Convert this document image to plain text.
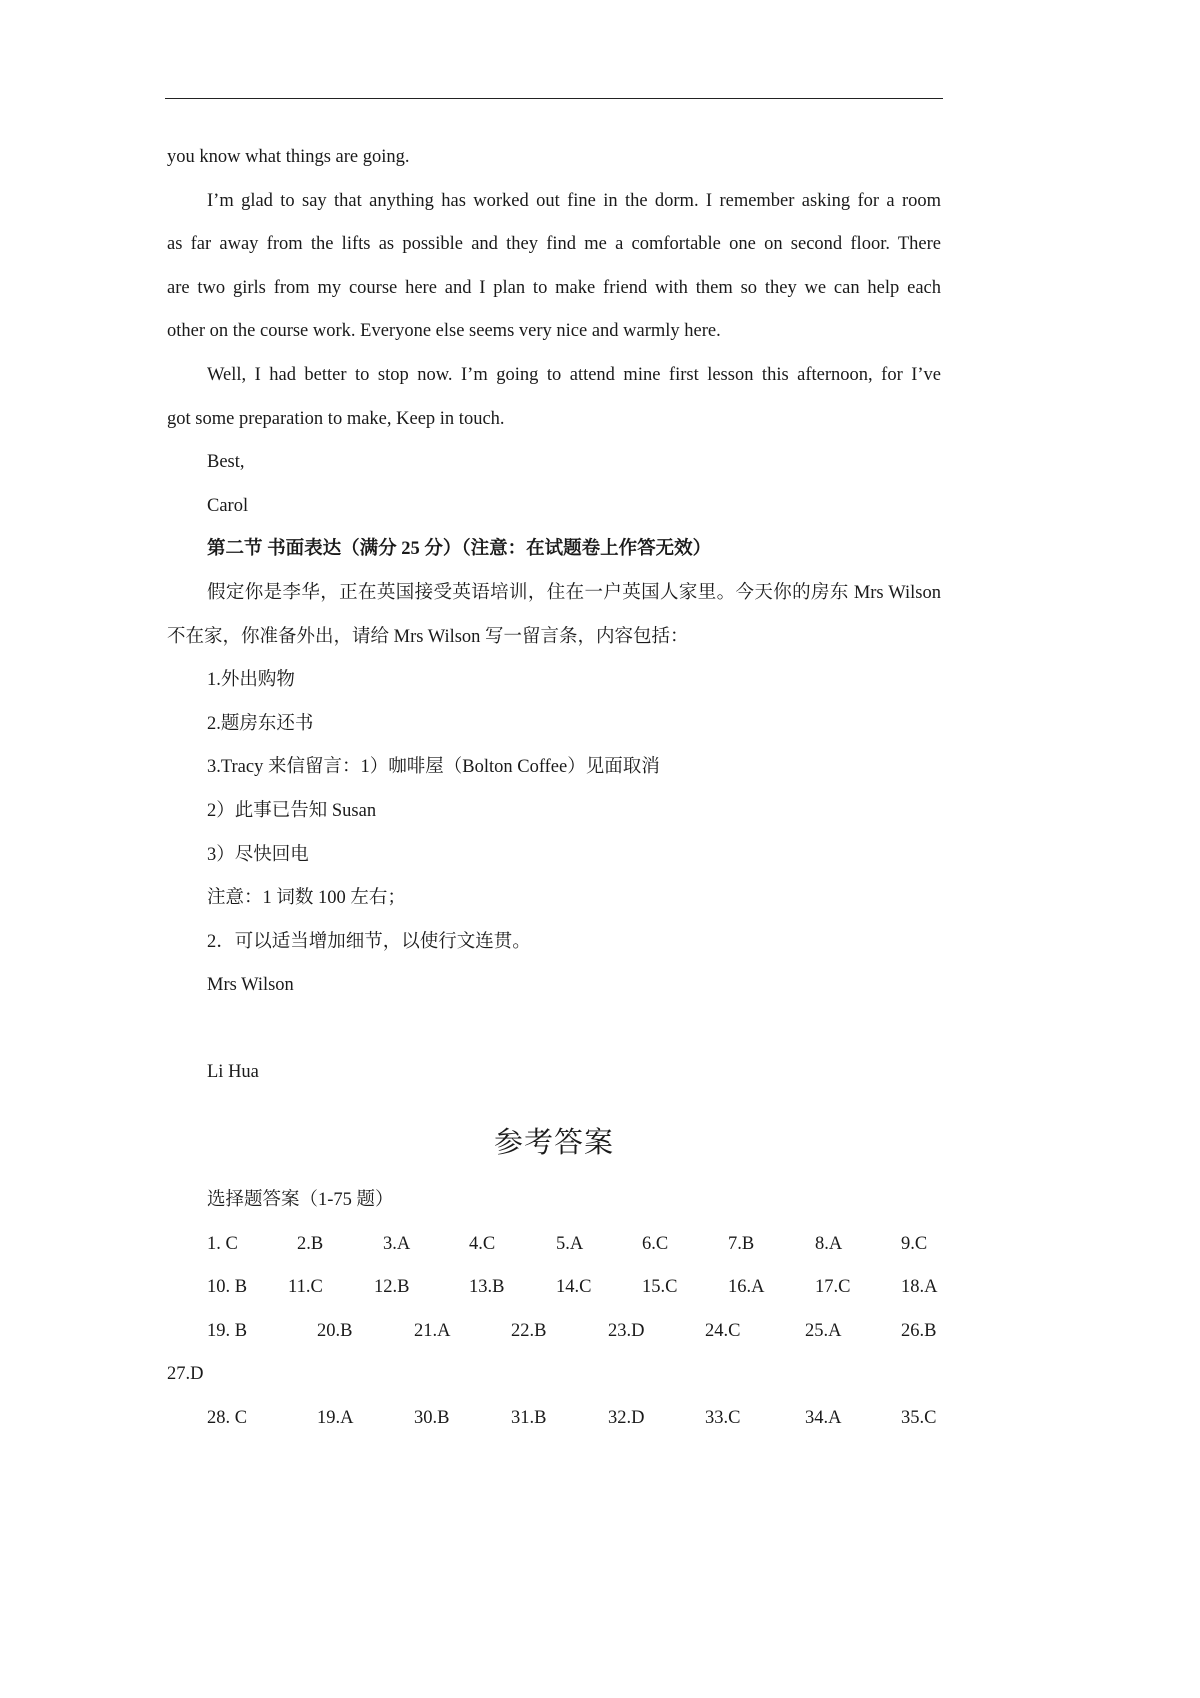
you know what things are going.
I’m glad to say that anything has worked out fine in the dorm. I remember asking for a room
as far away from the lifts as possible and they find me a comfortable one on second floor. There
are two girls from my course here and I plan to make friend with them so they we can help each
other on the course work. Everyone else seems very nice and warmly here.
Well, I had better to stop now. I’m going to attend mine first lesson this afternoon, for I’ve
got some preparation to make, Keep in touch.
Best,
Carol
第二节 书面表达（满分 25 分）（注意：在试题卷上作答无效）
假定你是李华，正在英国接受英语培训，住在一户英国人家里。今天你的房东 Mrs Wilson
不在家，你准备外出，请给 Mrs Wilson 写一留言条，内容包括：
1.外出购物
2.题房东还书
3.Tracy 来信留言：1）咖啡屋（Bolton Coffee）见面取消
2）此事已告知 Susan
3）尽快回电
注意：1 词数 100 左右；
2．可以适当增加细节，以使行文连贯。
Mrs Wilson
Li Hua
参考答案
选择题答案（1-75 题）
1. C	2.B	3.A	4.C	5.A	6.C	7.B	8.A	9.C
10. B 11.C	12.B	13.B	14.C	15.C	16.A	17.C	18.A
19. B	20.B	21.A	22.B	23.D	24.C	25.A	26.B
27.D
28. C	19.A	30.B	31.B	32.D	33.C	34.A	35.C
